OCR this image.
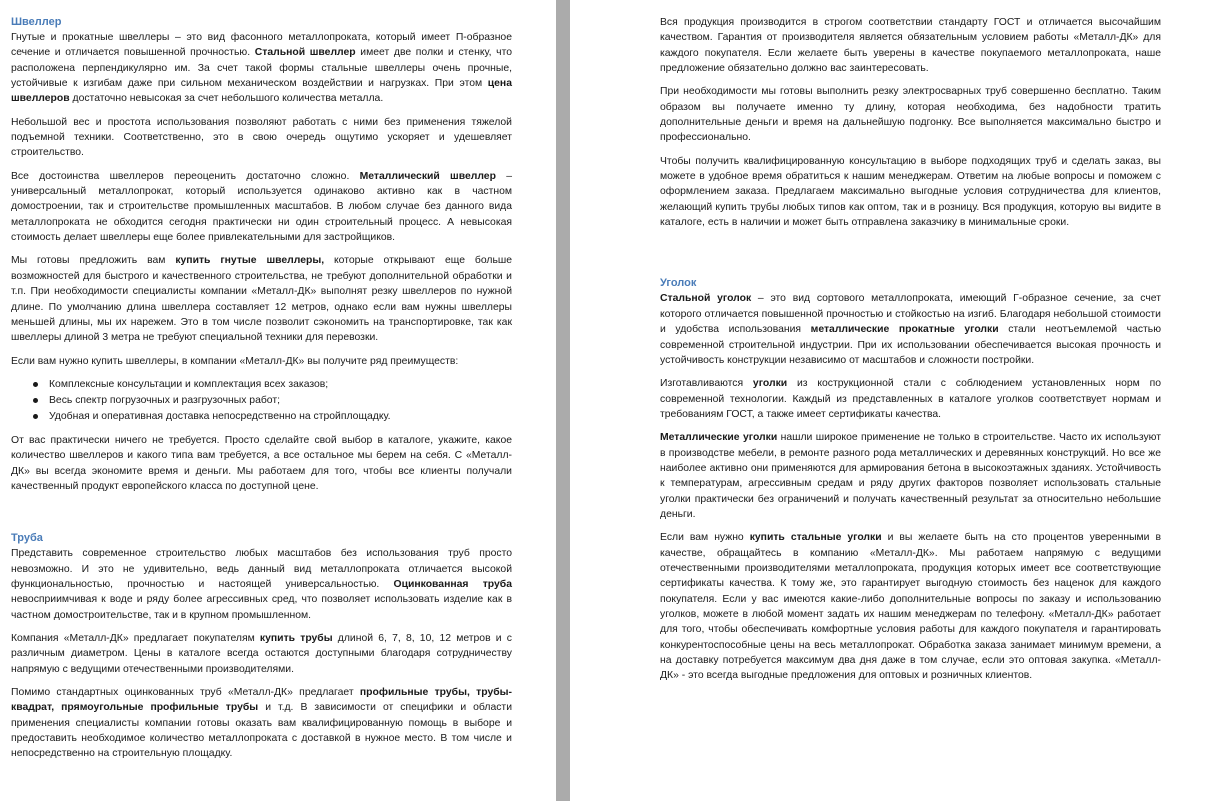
Швеллер

Гнутые и прокатные швеллеры – это вид фасонного металлопроката, который имеет П-образное сечение и отличается повышенной прочностью. Стальной швеллер имеет две полки и стенку, что расположена перпендикулярно им. За счет такой формы стальные швеллеры очень прочные, устойчивые к изгибам даже при сильном механическом воздействии и нагрузках. При этом цена швеллеров достаточно невысокая за счет небольшого количества металла.

Небольшой вес и простота использования позволяют работать с ними без применения тяжелой подъемной техники. Соответственно, это в свою очередь ощутимо ускоряет и удешевляет строительство.

Все достоинства швеллеров переоценить достаточно сложно. Металлический швеллер – универсальный металлопрокат, который используется одинаково активно как в частном домостроении, так и строительстве промышленных масштабов. В любом случае без данного вида металлопроката не обходится сегодня практически ни один строительный процесс. А невысокая стоимость делает швеллеры еще более привлекательными для застройщиков.

Мы готовы предложить вам купить гнутые швеллеры, которые открывают еще больше возможностей для быстрого и качественного строительства, не требуют дополнительной обработки и т.п. При необходимости специалисты компании «Металл-ДК» выполнят резку швеллеров по нужной длине. По умолчанию длина швеллера составляет 12 метров, однако если вам нужны швеллеры меньшей длины, мы их нарежем. Это в том числе позволит сэкономить на транспортировке, так как швеллеры длиной 3 метра не требуют специальной техники для перевозки.

Если вам нужно купить швеллеры, в компании «Металл-ДК» вы получите ряд преимуществ:

Комплексные консультации и комплектация всех заказов;
Весь спектр погрузочных и разгрузочных работ;
Удобная и оперативная доставка непосредственно на стройплощадку.

От вас практически ничего не требуется. Просто сделайте свой выбор в каталоге, укажите, какое количество швеллеров и какого типа вам требуется, а все остальное мы берем на себя. С «Металл-ДК» вы всегда экономите время и деньги. Мы работаем для того, чтобы все клиенты получали качественный продукт европейского класса по доступной цене.

Труба

Представить современное строительство любых масштабов без использования труб просто невозможно. И это не удивительно, ведь данный вид металлопроката отличается высокой функциональностью, прочностью и настоящей универсальностью. Оцинкованная труба невосприимчивая к воде и ряду более агрессивных сред, что позволяет использовать изделие как в частном домостроительстве, так и в крупном промышленном.

Компания «Металл-ДК» предлагает покупателям купить трубы длиной 6, 7, 8, 10, 12 метров и с различным диаметром. Цены в каталоге всегда остаются доступными благодаря сотрудничеству напрямую с ведущими отечественными производителями.

Помимо стандартных оцинкованных труб «Металл-ДК» предлагает профильные трубы, трубы-квадрат, прямоугольные профильные трубы и т.д. В зависимости от специфики и области применения специалисты компании готовы оказать вам квалифицированную помощь в выборе и предоставить необходимое количество металлопроката с доставкой в нужное место. В том числе и непосредственно на строительную площадку.

Вся продукция производится в строгом соответствии стандарту ГОСТ и отличается высочайшим качеством. Гарантия от производителя является обязательным условием работы «Металл-ДК» для каждого покупателя. Если желаете быть уверены в качестве покупаемого металлопроката, наше предложение обязательно должно вас заинтересовать.

При необходимости мы готовы выполнить резку электросварных труб совершенно бесплатно. Таким образом вы получаете именно ту длину, которая необходима, без надобности тратить дополнительные деньги и время на дальнейшую подгонку. Все выполняется максимально быстро и профессионально.

Чтобы получить квалифицированную консультацию в выборе подходящих труб и сделать заказ, вы можете в удобное время обратиться к нашим менеджерам. Ответим на любые вопросы и поможем с оформлением заказа. Предлагаем максимально выгодные условия сотрудничества для клиентов, желающий купить трубы любых типов как оптом, так и в розницу. Вся продукция, которую вы видите в каталоге, есть в наличии и может быть отправлена заказчику в минимальные сроки.

Уголок

Стальной уголок – это вид сортового металлопроката, имеющий Г-образное сечение, за счет которого отличается повышенной прочностью и стойкостью на изгиб. Благодаря небольшой стоимости и удобства использования металлические прокатные уголки стали неотъемлемой частью современной строительной индустрии. При их использовании обеспечивается высокая прочность и устойчивость конструкции независимо от масштабов и сложности постройки.

Изготавливаются уголки из кострукционной стали с соблюдением установленных норм по современной технологии. Каждый из представленных в каталоге уголков соответствует нормам и требованиям ГОСТ, а также имеет сертификаты качества.

Металлические уголки нашли широкое применение не только в строительстве. Часто их используют в производстве мебели, в ремонте разного рода металлических и деревянных конструкций. Но все же наиболее активно они применяются для армирования бетона в высокоэтажных зданиях. Устойчивость к температурам, агрессивным средам и ряду других факторов позволяет использовать стальные уголки практически без ограничений и получать качественный результат за относительно небольшие деньги.

Если вам нужно купить стальные уголки и вы желаете быть на сто процентов уверенными в качестве, обращайтесь в компанию «Металл-ДК». Мы работаем напрямую с ведущими отечественными производителями металлопроката, продукция которых имеет все соответствующие сертификаты качества. К тому же, это гарантирует выгодную стоимость без наценок для каждого покупателя. Если у вас имеются какие-либо дополнительные вопросы по заказу и использованию уголков, можете в любой момент задать их нашим менеджерам по телефону. «Металл-ДК» работает для того, чтобы обеспечивать комфортные условия работы для каждого покупателя и гарантировать конкурентоспособные цены на весь металлопрокат. Обработка заказа занимает минимум времени, а на доставку потребуется максимум два дня даже в том случае, если это оптовая закупка. «Металл-ДК» - это всегда выгодные предложения для оптовых и розничных клиентов.
